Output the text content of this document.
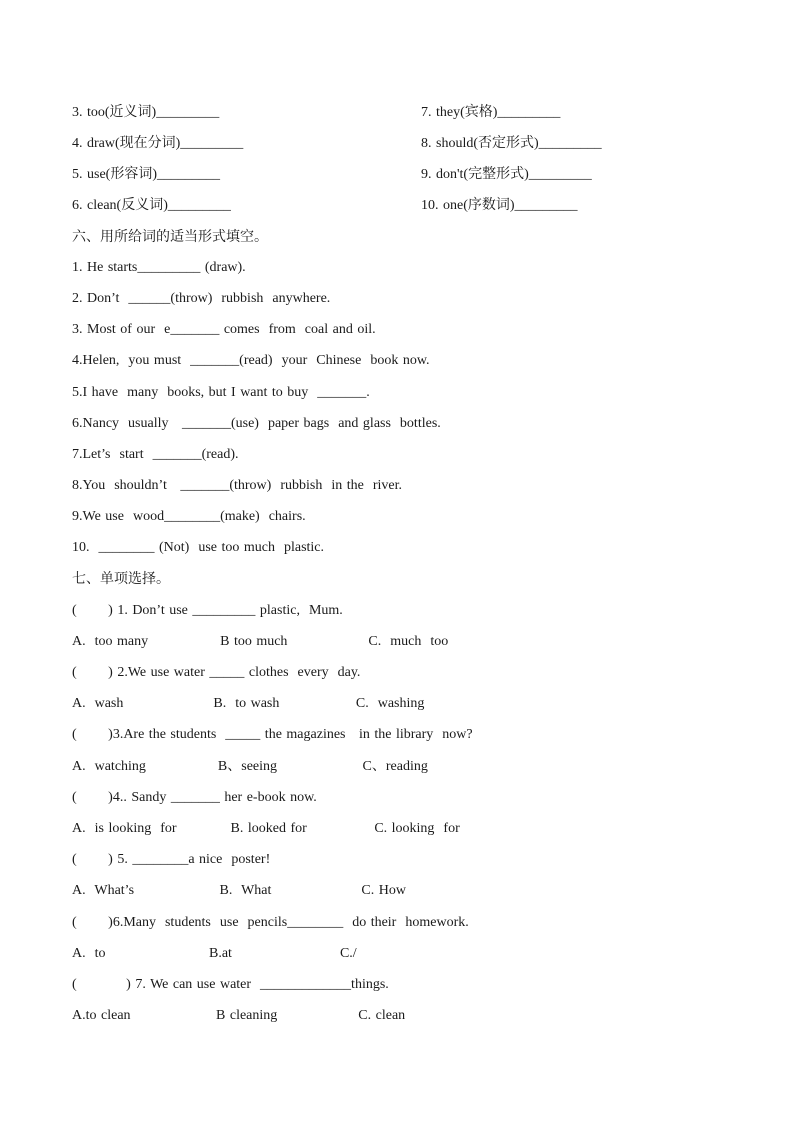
3. too(近义词)_________	7. they(宾格)_________
4. draw(现在分词)_________	8. should(否定形式)_________
5. use(形容词)_________	9. don't(完整形式)_________
6. clean(反义词)_________	10. one(序数词)_________
六、用所给词的适当形式填空。
1. He starts_________ (draw).
2. Don’t  ______(throw)  rubbish  anywhere.
3. Most of our  e_______ comes  from  coal and oil.
4.Helen,  you must  _______(read)  your  Chinese  book now.
5.I have  many  books, but I want to buy  _______.
6.Nancy  usually   _______(use)  paper bags  and glass  bottles.
7.Let’s  start  _______(read).
8.You  shouldn’t   _______(throw)  rubbish  in the  river.
9.We use  wood________(make)  chairs.
10.  ________ (Not)  use too much  plastic.
七、单项选择。
(       ) 1. Don’t use _________ plastic,  Mum.
A.  too many                B too much                  C.  much  too
(       ) 2.We use water _____ clothes  every  day.
A.  wash                    B.  to wash                 C.  washing
(       )3.Are the students  _____ the magazines   in the library  now?
A.  watching                B、seeing                   C、reading
(       )4.. Sandy _______ her e-book now.
A.  is looking  for            B. looked for               C. looking  for
(       ) 5. ________a nice  poster!
A.  What’s                   B.  What                    C. How
(       )6.Many  students  use  pencils________  do their  homework.
A.  to                       B.at                        C./
(           ) 7. We can use water  _____________things.
A.to clean                   B cleaning                  C. clean
